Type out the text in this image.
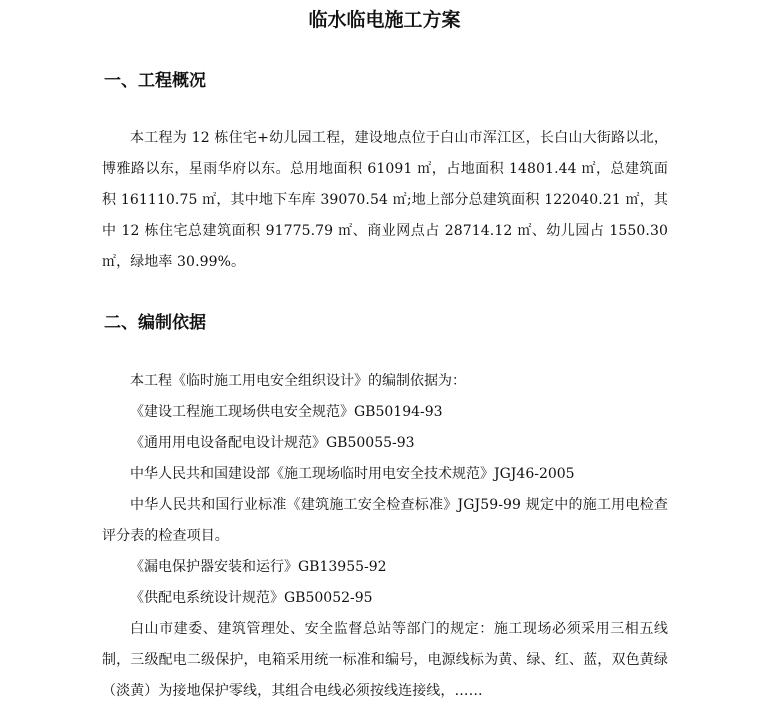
临水临电施工方案
一、工程概况

本工程为 12 栋住宅+幼儿园工程，建设地点位于白山市浑江区，长白山大街路以北，博雅路以东，星雨华府以东。总用地面积 61091 ㎡，占地面积 14801.44 ㎡，总建筑面积 161110.75 ㎡，其中地下车库 39070.54 ㎡;地上部分总建筑面积 122040.21 ㎡，其中 12 栋住宅总建筑面积 91775.79 ㎡、商业网点占 28714.12 ㎡、幼儿园占 1550.30 ㎡，绿地率 30.99%。

二、编制依据

本工程《临时施工用电安全组织设计》的编制依据为：

《建设工程施工现场供电安全规范》GB50194-93

《通用用电设备配电设计规范》GB50055-93

中华人民共和国建设部《施工现场临时用电安全技术规范》JGJ46-2005

中华人民共和国行业标准《建筑施工安全检查标准》JGJ59-99 规定中的施工用电检查评分表的检查项目。

《漏电保护器安装和运行》GB13955-92

《供配电系统设计规范》GB50052-95

白山市建委、建筑管理处、安全监督总站等部门的规定：施工现场必须采用三相五线制，三级配电二级保护，电箱采用统一标准和编号，电源线标为黄、绿、红、蓝，双色黄绿（淡黄）为接地保护零线，其组合电线必须按线连接线，……
